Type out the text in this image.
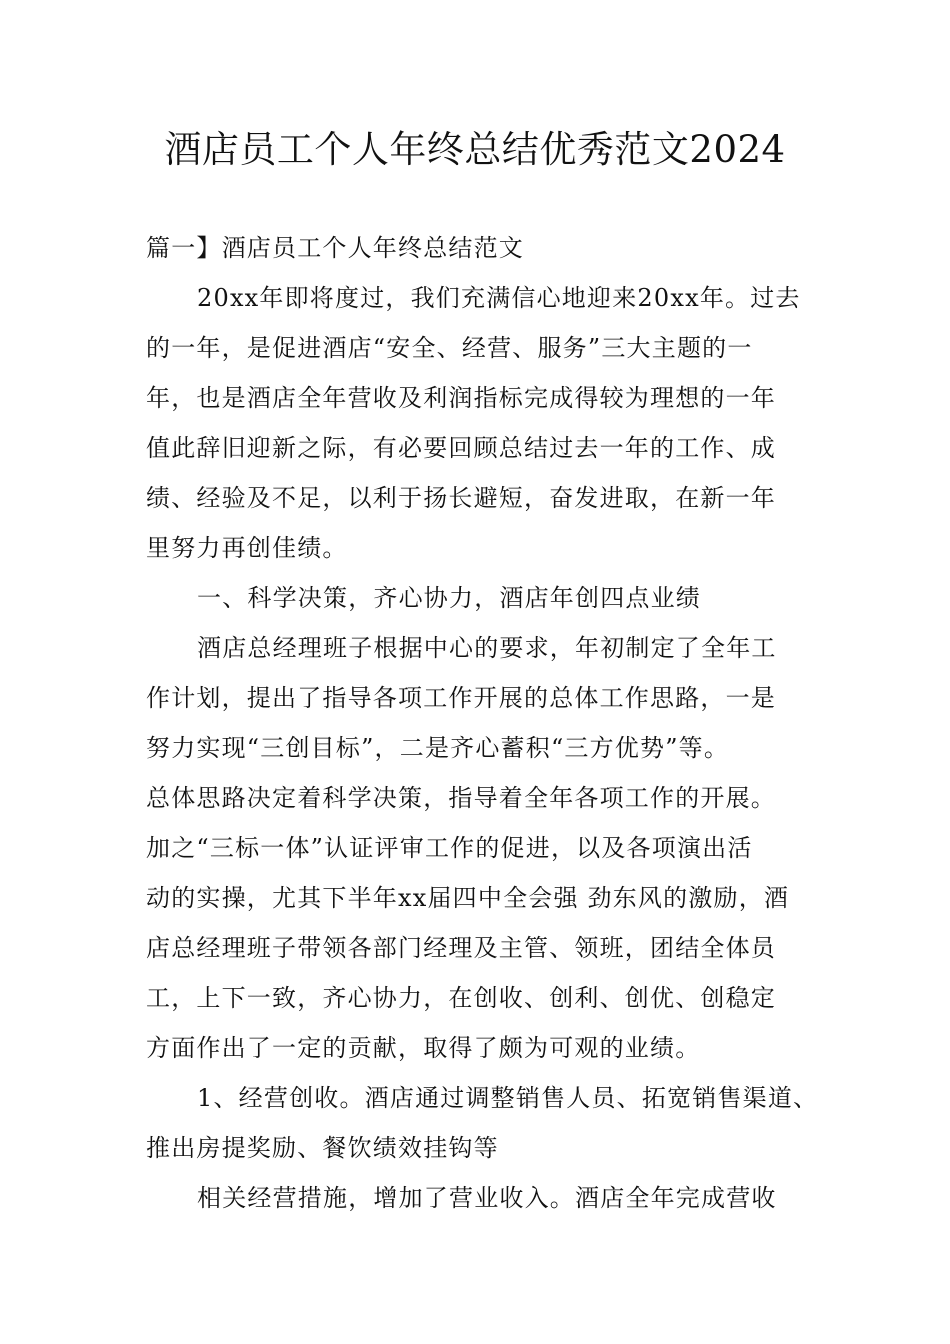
酒店员工个人年终总结优秀范文2024
篇一】酒店员工个人年终总结范文
20xx年即将度过，我们充满信心地迎来20xx年。过去
的一年，是促进酒店“安全、经营、服务”三大主题的一
年，也是酒店全年营收及利润指标完成得较为理想的一年
值此辞旧迎新之际，有必要回顾总结过去一年的工作、成
绩、经验及不足，以利于扬长避短，奋发进取，在新一年
里努力再创佳绩。
一、科学决策，齐心协力，酒店年创四点业绩
酒店总经理班子根据中心的要求，年初制定了全年工
作计划，提出了指导各项工作开展的总体工作思路，一是
努力实现“三创目标”，二是齐心蓄积“三方优势”等。
总体思路决定着科学决策，指导着全年各项工作的开展。
加之“三标一体”认证评审工作的促进，以及各项演出活
动的实操，尤其下半年xx届四中全会强 劲东风的激励，酒
店总经理班子带领各部门经理及主管、领班，团结全体员
工，上下一致，齐心协力，在创收、创利、创优、创稳定
方面作出了一定的贡献，取得了颇为可观的业绩。
1、经营创收。酒店通过调整销售人员、拓宽销售渠道、
推出房提奖励、餐饮绩效挂钩等
相关经营措施，增加了营业收入。酒店全年完成营收
